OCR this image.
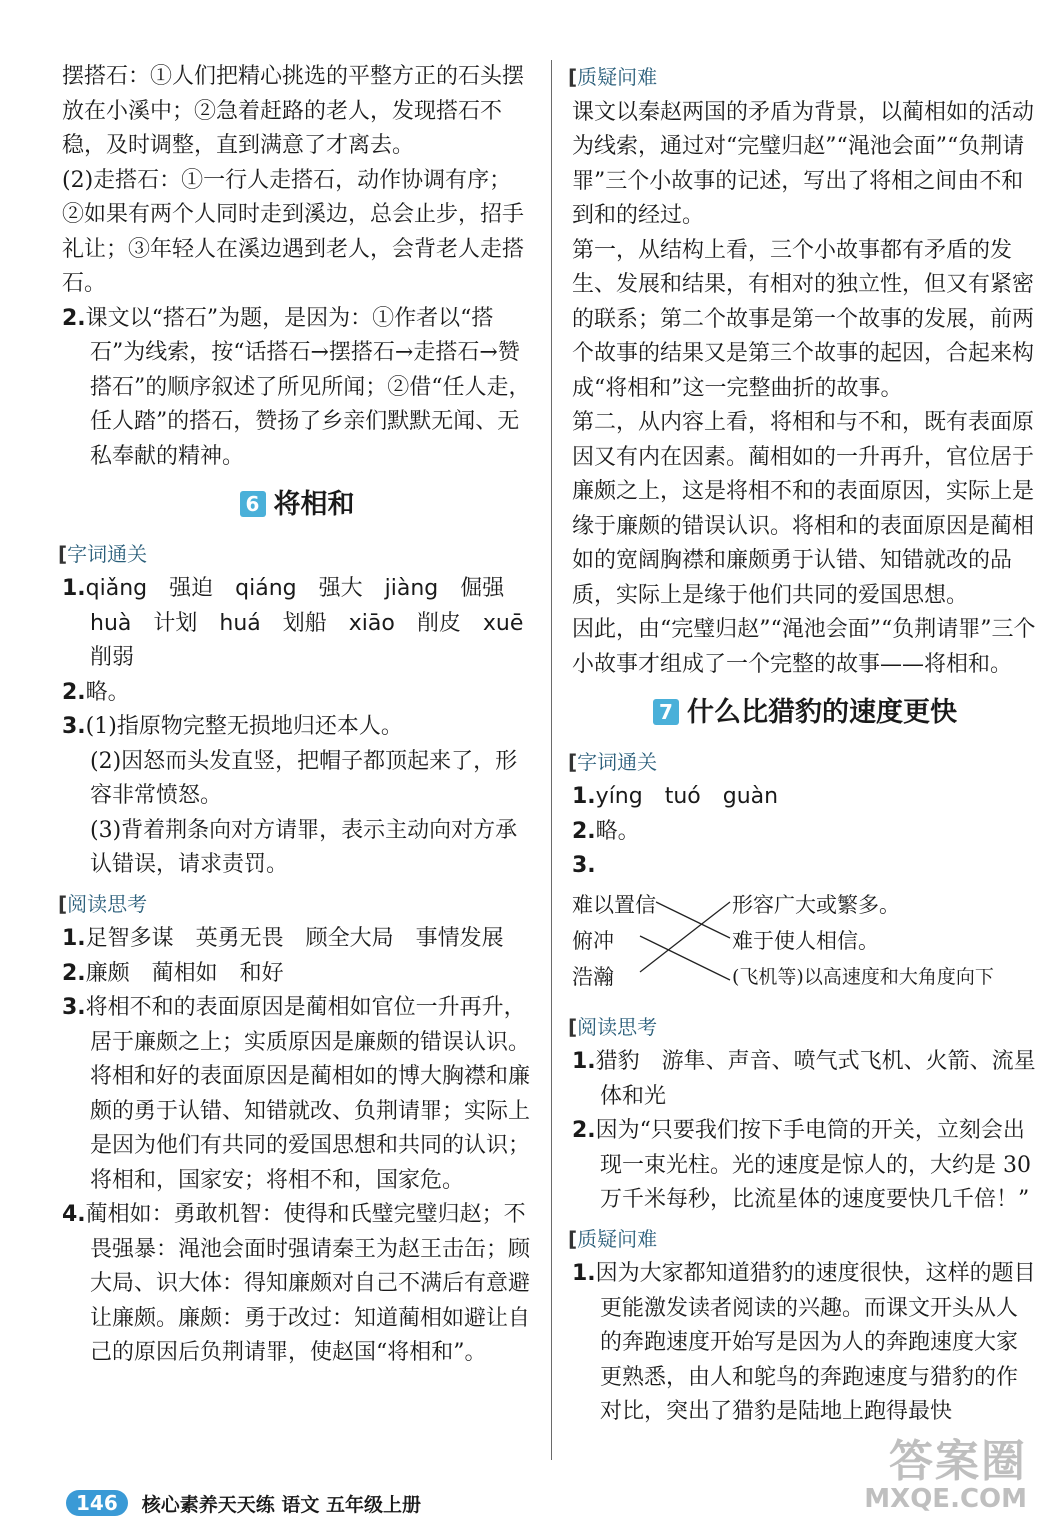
摆搭石：①人们把精心挑选的平整方正的石头摆放在小溪中；②急着赶路的老人，发现搭石不稳，及时调整，直到满意了才离去。

(2)走搭石：①一行人走搭石，动作协调有序；②如果有两个人同时走到溪边，总会止步，招手礼让；③年轻人在溪边遇到老人，会背老人走搭石。

2.课文以“搭石”为题，是因为：①作者以“搭石”为线索，按“话搭石→摆搭石→走搭石→赞搭石”的顺序叙述了所见所闻；②借“任人走，任人踏”的搭石，赞扬了乡亲们默默无闻、无私奉献的精神。

6 将相和
[字词通关

1.qiǎng 强迫 qiáng 强大 jiàng 倔强

huà 计划 huá 划船 xiāo 削皮 xuē

削弱

2.略。

3.(1)指原物完整无损地归还本人。

(2)因怒而头发直竖，把帽子都顶起来了，形容非常愤怒。

(3)背着荆条向对方请罪，表示主动向对方承认错误，请求责罚。

[阅读思考

1.足智多谋　英勇无畏　顾全大局　事情发展

2.廉颇　蔺相如　和好

3.将相不和的表面原因是蔺相如官位一升再升，居于廉颇之上；实质原因是廉颇的错误认识。将相和好的表面原因是蔺相如的博大胸襟和廉颇的勇于认错、知错就改、负荆请罪；实际上是因为他们有共同的爱国思想和共同的认识；将相和，国家安；将相不和，国家危。

4.蔺相如：勇敢机智：使得和氏璧完璧归赵；不畏强暴：渑池会面时强请秦王为赵王击缶；顾大局、识大体：得知廉颇对自己不满后有意避让廉颇。廉颇：勇于改过：知道蔺相如避让自己的原因后负荆请罪，使赵国“将相和”。

[质疑问难

课文以秦赵两国的矛盾为背景，以蔺相如的活动为线索，通过对“完璧归赵”“渑池会面”“负荆请罪”三个小故事的记述，写出了将相之间由不和到和的经过。

第一，从结构上看，三个小故事都有矛盾的发生、发展和结果，有相对的独立性，但又有紧密的联系；第二个故事是第一个故事的发展，前两个故事的结果又是第三个故事的起因，合起来构成“将相和”这一完整曲折的故事。

第二，从内容上看，将相和与不和，既有表面原因又有内在因素。蔺相如的一升再升，官位居于廉颇之上，这是将相不和的表面原因，实际上是缘于廉颇的错误认识。将相和的表面原因是蔺相如的宽阔胸襟和廉颇勇于认错、知错就改的品质，实际上是缘于他们共同的爱国思想。

因此，由“完璧归赵”“渑池会面”“负荆请罪”三个小故事才组成了一个完整的故事——将相和。

7 什么比猎豹的速度更快
[字词通关

1.yíng tuó guàn

2.略。

3.

难以置信
俯冲
浩瀚
形容广大或繁多。
难于使人相信。
(飞机等)以高速度和大角度向下
[阅读思考

1.猎豹　游隼、声音、喷气式飞机、火箭、流星体和光

2.因为“只要我们按下手电筒的开关，立刻会出现一束光柱。光的速度是惊人的，大约是 30 万千米每秒，比流星体的速度要快几千倍！”

[质疑问难

1.因为大家都知道猎豹的速度很快，这样的题目更能激发读者阅读的兴趣。而课文开头从人的奔跑速度开始写是因为人的奔跑速度大家更熟悉，由人和鸵鸟的奔跑速度与猎豹的作对比，突出了猎豹是陆地上跑得最快

146	核心素养天天练 语文 五年级上册
答案圈
MXQE.COM
